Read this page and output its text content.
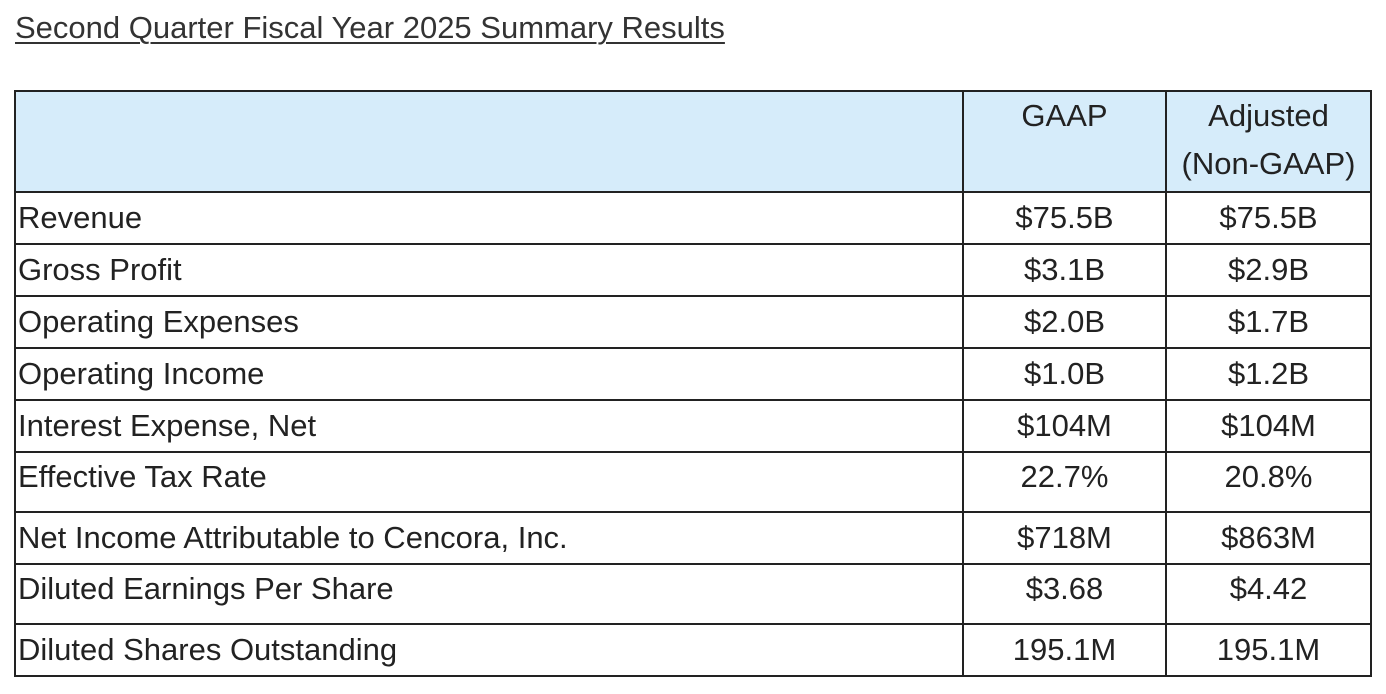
Second Quarter Fiscal Year 2025 Summary Results
	GAAP	Adjusted
(Non-GAAP)

Revenue	$75.5B	$75.5B
Gross Profit	$3.1B	$2.9B
Operating Expenses	$2.0B	$1.7B
Operating Income	$1.0B	$1.2B
Interest Expense, Net	$104M	$104M
Effective Tax Rate	22.7%	20.8%
Net Income Attributable to Cencora, Inc.	$718M	$863M
Diluted Earnings Per Share	$3.68	$4.42
Diluted Shares Outstanding	195.1M	195.1M
